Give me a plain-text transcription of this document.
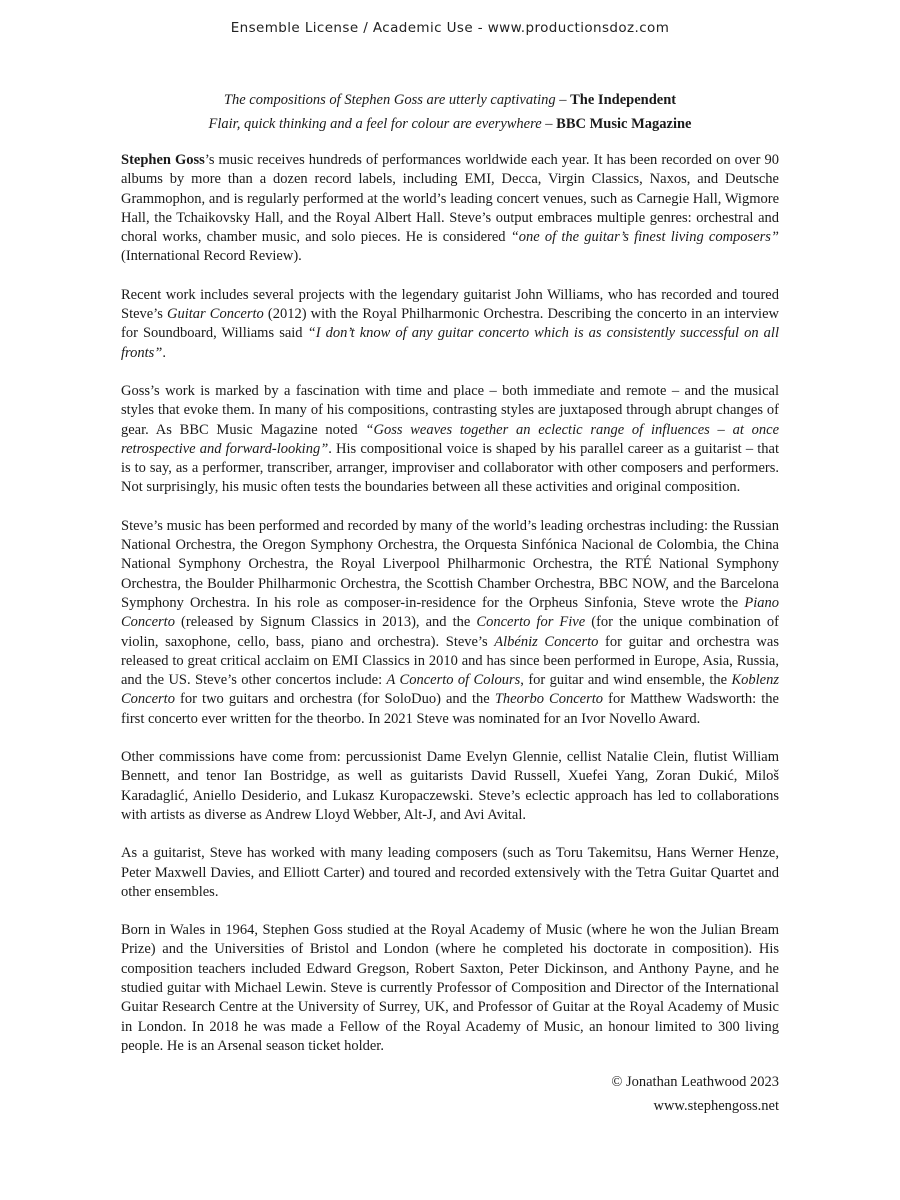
Ensemble License / Academic Use - www.productionsdoz.com
The compositions of Stephen Goss are utterly captivating – The Independent
Flair, quick thinking and a feel for colour are everywhere – BBC Music Magazine

Stephen Goss’s music receives hundreds of performances worldwide each year. It has been recorded on over 90 albums by more than a dozen record labels, including EMI, Decca, Virgin Classics, Naxos, and Deutsche Grammophon, and is regularly performed at the world’s leading concert venues, such as Carnegie Hall, Wigmore Hall, the Tchaikovsky Hall, and the Royal Albert Hall. Steve’s output embraces multiple genres: orchestral and choral works, chamber music, and solo pieces. He is considered “one of the guitar’s finest living composers” (International Record Review).

Recent work includes several projects with the legendary guitarist John Williams, who has recorded and toured Steve’s Guitar Concerto (2012) with the Royal Philharmonic Orchestra. Describing the concerto in an interview for Soundboard, Williams said “I don’t know of any guitar concerto which is as consistently successful on all fronts”.

Goss’s work is marked by a fascination with time and place – both immediate and remote – and the musical styles that evoke them. In many of his compositions, contrasting styles are juxtaposed through abrupt changes of gear. As BBC Music Magazine noted “Goss weaves together an eclectic range of influences – at once retrospective and forward-looking”. His compositional voice is shaped by his parallel career as a guitarist – that is to say, as a performer, transcriber, arranger, improviser and collaborator with other composers and performers. Not surprisingly, his music often tests the boundaries between all these activities and original composition.

Steve’s music has been performed and recorded by many of the world’s leading orchestras including: the Russian National Orchestra, the Oregon Symphony Orchestra, the Orquesta Sinfónica Nacional de Colombia, the China National Symphony Orchestra, the Royal Liverpool Philharmonic Orchestra, the RTÉ National Symphony Orchestra, the Boulder Philharmonic Orchestra, the Scottish Chamber Orchestra, BBC NOW, and the Barcelona Symphony Orchestra. In his role as composer-in-residence for the Orpheus Sinfonia, Steve wrote the Piano Concerto (released by Signum Classics in 2013), and the Concerto for Five (for the unique combination of violin, saxophone, cello, bass, piano and orchestra). Steve’s Albéniz Concerto for guitar and orchestra was released to great critical acclaim on EMI Classics in 2010 and has since been performed in Europe, Asia, Russia, and the US. Steve’s other concertos include: A Concerto of Colours, for guitar and wind ensemble, the Koblenz Concerto for two guitars and orchestra (for SoloDuo) and the Theorbo Concerto for Matthew Wadsworth: the first concerto ever written for the theorbo. In 2021 Steve was nominated for an Ivor Novello Award.

Other commissions have come from: percussionist Dame Evelyn Glennie, cellist Natalie Clein, flutist William Bennett, and tenor Ian Bostridge, as well as guitarists David Russell, Xuefei Yang, Zoran Dukić, Miloš Karadaglić, Aniello Desiderio, and Lukasz Kuropaczewski. Steve’s eclectic approach has led to collaborations with artists as diverse as Andrew Lloyd Webber, Alt-J, and Avi Avital.

As a guitarist, Steve has worked with many leading composers (such as Toru Takemitsu, Hans Werner Henze, Peter Maxwell Davies, and Elliott Carter) and toured and recorded extensively with the Tetra Guitar Quartet and other ensembles.

Born in Wales in 1964, Stephen Goss studied at the Royal Academy of Music (where he won the Julian Bream Prize) and the Universities of Bristol and London (where he completed his doctorate in composition). His composition teachers included Edward Gregson, Robert Saxton, Peter Dickinson, and Anthony Payne, and he studied guitar with Michael Lewin. Steve is currently Professor of Composition and Director of the International Guitar Research Centre at the University of Surrey, UK, and Professor of Guitar at the Royal Academy of Music in London. In 2018 he was made a Fellow of the Royal Academy of Music, an honour limited to 300 living people. He is an Arsenal season ticket holder.

© Jonathan Leathwood 2023
www.stephengoss.net
